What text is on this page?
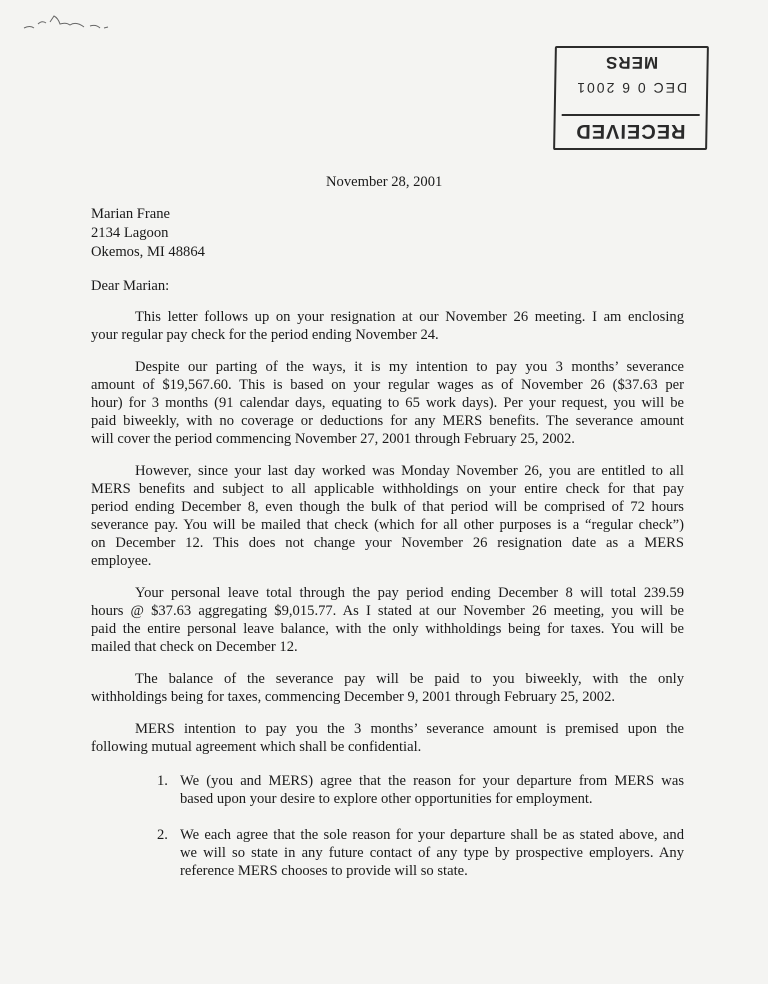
RECEIVED
DEC 0 6 2001
MERS
November 28, 2001
Marian Frane
2134 Lagoon
Okemos, MI 48864
Dear Marian:
This letter follows up on your resignation at our November 26 meeting. I am enclosing
your regular pay check for the period ending November 24.
Despite our parting of the ways, it is my intention to pay you 3 months’ severance
amount of $19,567.60. This is based on your regular wages as of November 26 ($37.63 per
hour) for 3 months (91 calendar days, equating to 65 work days). Per your request, you will be
paid biweekly, with no coverage or deductions for any MERS benefits. The severance amount
will cover the period commencing November 27, 2001 through February 25, 2002.
However, since your last day worked was Monday November 26, you are entitled to all
MERS benefits and subject to all applicable withholdings on your entire check for that pay
period ending December 8, even though the bulk of that period will be comprised of 72 hours
severance pay. You will be mailed that check (which for all other purposes is a “regular check”)
on December 12. This does not change your November 26 resignation date as a MERS
employee.
Your personal leave total through the pay period ending December 8 will total 239.59
hours @ $37.63 aggregating $9,015.77. As I stated at our November 26 meeting, you will be
paid the entire personal leave balance, with the only withholdings being for taxes. You will be
mailed that check on December 12.
The balance of the severance pay will be paid to you biweekly, with the only
withholdings being for taxes, commencing December 9, 2001 through February 25, 2002.
MERS intention to pay you the 3 months’ severance amount is premised upon the
following mutual agreement which shall be confidential.
1. We (you and MERS) agree that the reason for your departure from MERS was
based upon your desire to explore other opportunities for employment.
2. We each agree that the sole reason for your departure shall be as stated above, and
we will so state in any future contact of any type by prospective employers. Any
reference MERS chooses to provide will so state.
